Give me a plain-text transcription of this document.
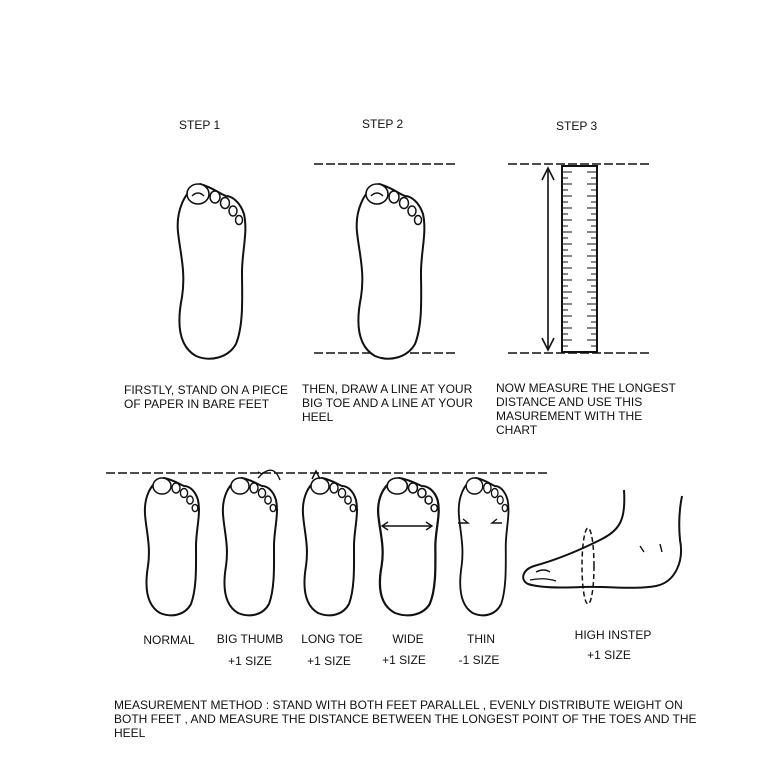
STEP 1	STEP 2	STEP 3
FIRSTLY, STAND ON A PIECE
OF PAPER IN BARE FEET
THEN, DRAW A LINE AT YOUR
BIG TOE AND A LINE AT YOUR
HEEL
NOW MEASURE THE LONGEST
DISTANCE AND USE THIS
MASUREMENT WITH THE
CHART
NORMAL	BIG THUMB
+1 SIZE
LONG TOE
+1 SIZE
WIDE
+1 SIZE
THIN
-1 SIZE
HIGH INSTEP
+1 SIZE
MEASUREMENT METHOD : STAND WITH BOTH FEET PARALLEL , EVENLY DISTRIBUTE WEIGHT ON BOTH FEET , AND MEASURE THE DISTANCE BETWEEN THE LONGEST POINT OF THE TOES AND THE HEEL
